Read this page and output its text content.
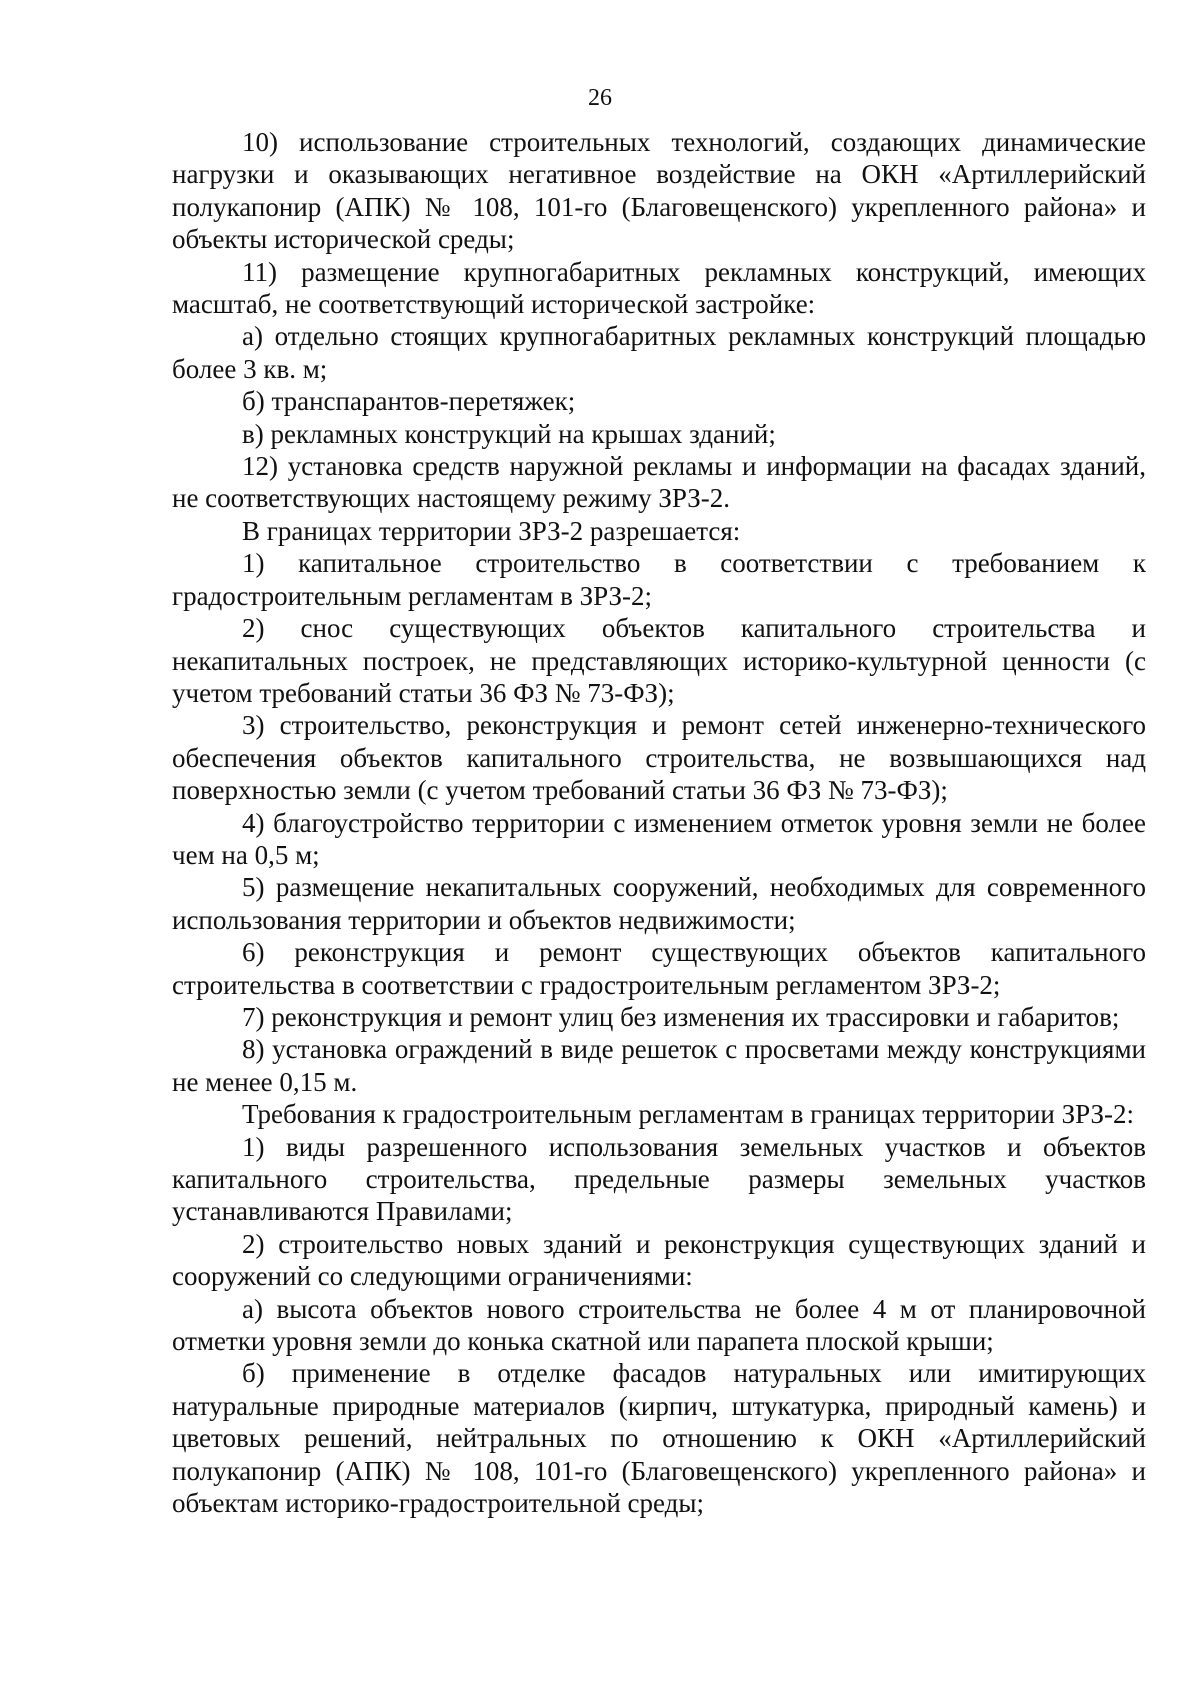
26

10) использование строительных технологий, создающих динамические нагрузки и оказывающих негативное воздействие на ОКН «Артиллерийский полукапонир (АПК) № 108, 101-го (Благовещенского) укрепленного района» и объекты исторической среды;

11) размещение крупногабаритных рекламных конструкций, имеющих масштаб, не соответствующий исторической застройке:

а) отдельно стоящих крупногабаритных рекламных конструкций площадью более 3 кв. м;

б) транспарантов-перетяжек;

в) рекламных конструкций на крышах зданий;

12) установка средств наружной рекламы и информации на фасадах зданий, не соответствующих настоящему режиму ЗРЗ-2.

В границах территории ЗРЗ-2 разрешается:

1) капитальное строительство в соответствии с требованием к градостроительным регламентам в ЗРЗ-2;

2) снос существующих объектов капитального строительства и некапитальных построек, не представляющих историко-культурной ценности (с учетом требований статьи 36 ФЗ № 73-ФЗ);

3) строительство, реконструкция и ремонт сетей инженерно-технического обеспечения объектов капитального строительства, не возвышающихся над поверхностью земли (с учетом требований статьи 36 ФЗ № 73-ФЗ);

4) благоустройство территории с изменением отметок уровня земли не более чем на 0,5 м;

5) размещение некапитальных сооружений, необходимых для современного использования территории и объектов недвижимости;

6) реконструкция и ремонт существующих объектов капитального строительства в соответствии с градостроительным регламентом ЗРЗ-2;

7) реконструкция и ремонт улиц без изменения их трассировки и габаритов;

8) установка ограждений в виде решеток с просветами между конструкциями не менее 0,15 м.

Требования к градостроительным регламентам в границах территории ЗРЗ-2:

1) виды разрешенного использования земельных участков и объектов капитального строительства, предельные размеры земельных участков устанавливаются Правилами;

2) строительство новых зданий и реконструкция существующих зданий и сооружений со следующими ограничениями:

а) высота объектов нового строительства не более 4 м от планировочной отметки уровня земли до конька скатной или парапета плоской крыши;

б) применение в отделке фасадов натуральных или имитирующих натуральные природные материалов (кирпич, штукатурка, природный камень) и цветовых решений, нейтральных по отношению к ОКН «Артиллерийский полукапонир (АПК) № 108, 101-го (Благовещенского) укрепленного района» и объектам историко-градостроительной среды;
